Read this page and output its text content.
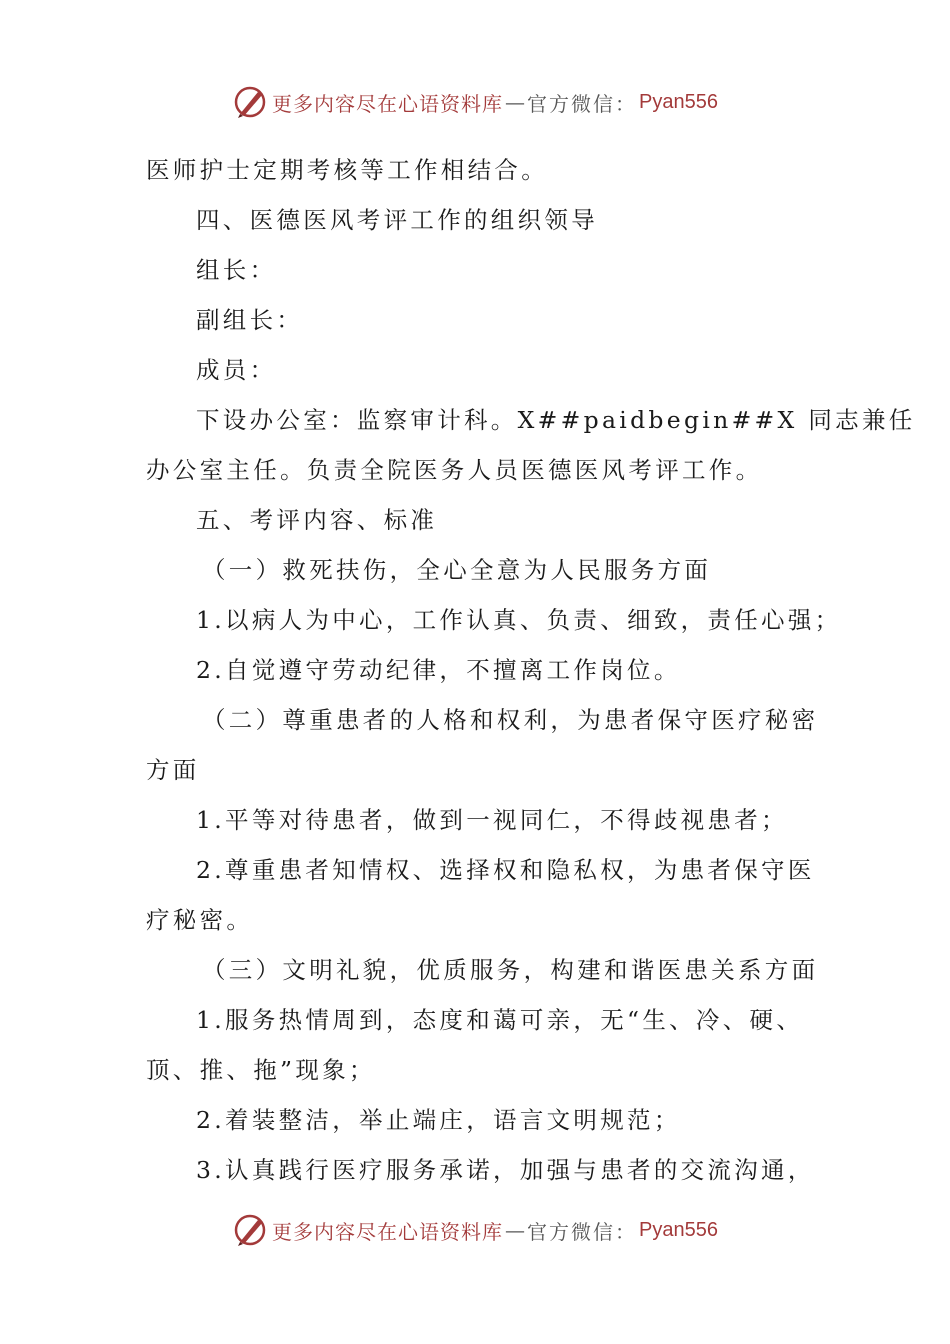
更多内容尽在心语资料库 — 官方微信： Pyan556
医师护士定期考核等工作相结合。
四、医德医风考评工作的组织领导
组长：
副组长：
成员：
下设办公室：监察审计科。X##paidbegin##X 同志兼任
办公室主任。负责全院医务人员医德医风考评工作。
五、考评内容、标准
（一）救死扶伤，全心全意为人民服务方面
1.以病人为中心，工作认真、负责、细致，责任心强；
2.自觉遵守劳动纪律，不擅离工作岗位。
（二）尊重患者的人格和权利，为患者保守医疗秘密
方面
1.平等对待患者，做到一视同仁，不得歧视患者；
2.尊重患者知情权、选择权和隐私权，为患者保守医
疗秘密。
（三）文明礼貌，优质服务，构建和谐医患关系方面
1.服务热情周到，态度和蔼可亲，无“生、冷、硬、
顶、推、拖”现象；
2.着装整洁，举止端庄，语言文明规范；
3.认真践行医疗服务承诺，加强与患者的交流沟通，
更多内容尽在心语资料库 — 官方微信： Pyan556
